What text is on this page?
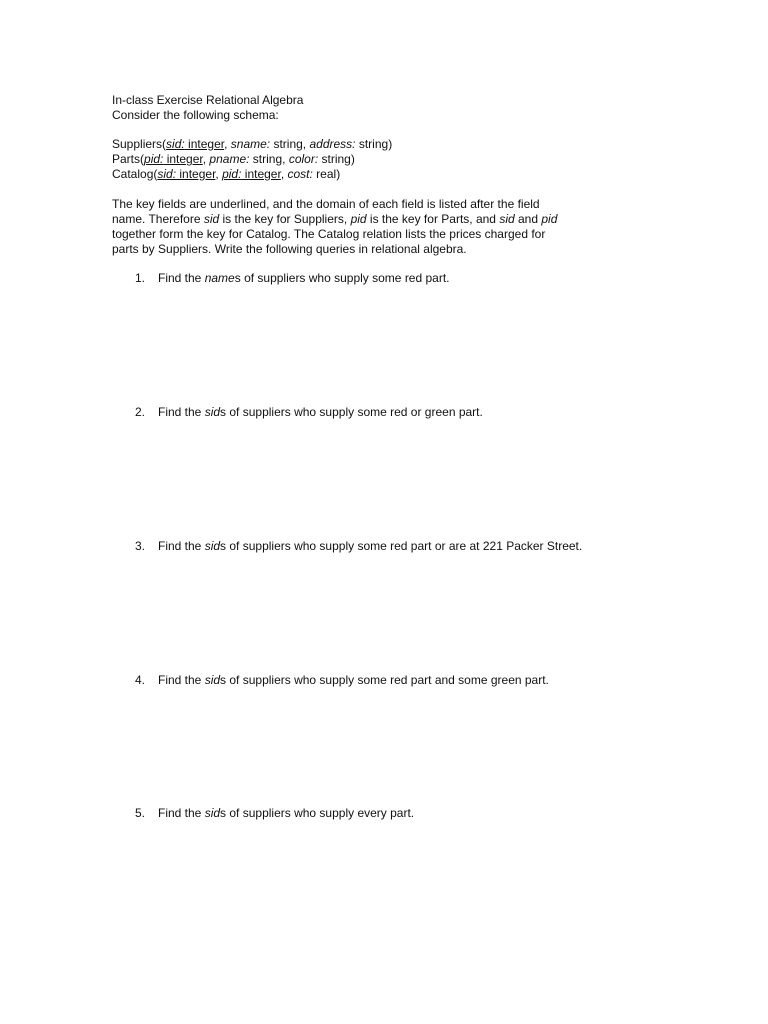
In-class Exercise Relational Algebra
Consider the following schema:
Suppliers(sid: integer, sname: string, address: string)
Parts(pid: integer, pname: string, color: string)
Catalog(sid: integer, pid: integer, cost: real)
The key fields are underlined, and the domain of each field is listed after the field
name. Therefore sid is the key for Suppliers, pid is the key for Parts, and sid and pid
together form the key for Catalog. The Catalog relation lists the prices charged for
parts by Suppliers. Write the following queries in relational algebra.
1. Find the names of suppliers who supply some red part.
2. Find the sids of suppliers who supply some red or green part.
3. Find the sids of suppliers who supply some red part or are at 221 Packer Street.
4. Find the sids of suppliers who supply some red part and some green part.
5. Find the sids of suppliers who supply every part.
